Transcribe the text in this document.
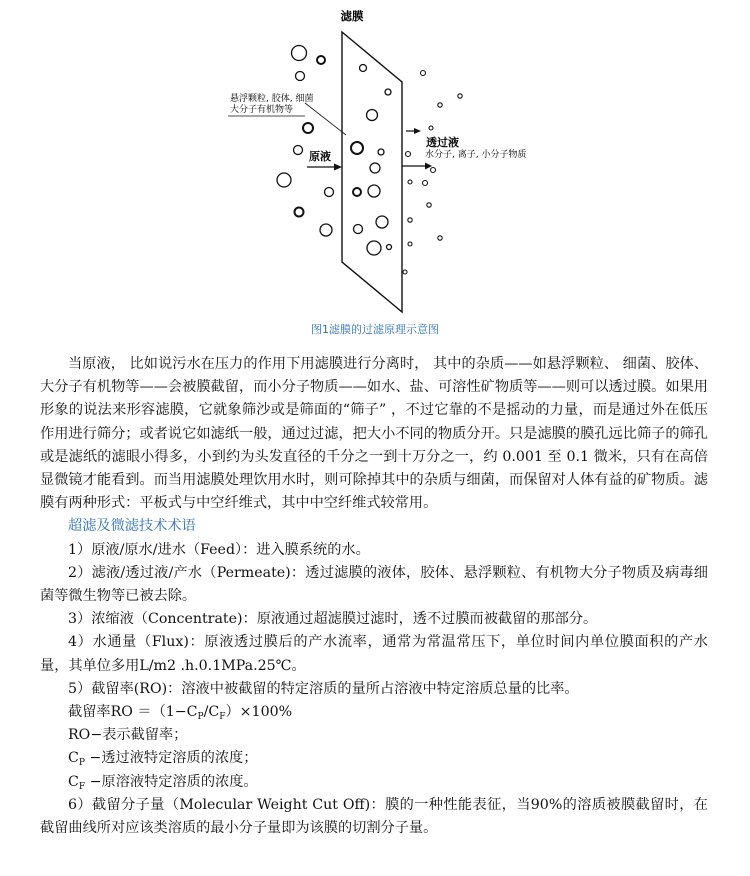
滤膜
悬浮颗粒, 胶体, 细菌
大分子有机物等
原液
透过液
水分子, 离子, 小分子物质
图1滤膜的过滤原理示意图

当原液， 比如说污水在压力的作用下用滤膜进行分离时， 其中的杂质——如悬浮颗粒、 细菌、胶体、大分子有机物等——会被膜截留，而小分子物质——如水、盐、可溶性矿物质等——则可以透过膜。如果用形象的说法来形容滤膜，它就象筛沙或是筛面的“筛子” ，不过它靠的不是摇动的力量，而是通过外在低压作用进行筛分；或者说它如滤纸一般，通过过滤，把大小不同的物质分开。只是滤膜的膜孔远比筛子的筛孔或是滤纸的滤眼小得多，小到约为头发直径的千分之一到十万分之一，约 0.001 至 0.1 微米，只有在高倍显微镜才能看到。而当用滤膜处理饮用水时，则可除掉其中的杂质与细菌，而保留对人体有益的矿物质。滤膜有两种形式：平板式与中空纤维式，其中中空纤维式较常用。

超滤及微滤技术术语

1）原液/原水/进水（Feed）：进入膜系统的水。

2）滤液/透过液/产水（Permeate)：透过滤膜的液体，胶体、悬浮颗粒、有机物大分子物质及病毒细菌等微生物等已被去除。

3）浓缩液（Concentrate)：原液通过超滤膜过滤时，透不过膜而被截留的那部分。

4）水通量（Flux)：原液透过膜后的产水流率，通常为常温常压下，单位时间内单位膜面积的产水量，其单位多用L/m2 .h.0.1MPa.25℃。

5）截留率(RO)：溶液中被截留的特定溶质的量所占溶液中特定溶质总量的比率。

截留率RO $=(1-C_P/C_F)\times 100\%$

RO−表示截留率；

$C_P$ −透过液特定溶质的浓度；

$C_F$ −原溶液特定溶质的浓度。

6）截留分子量（Molecular Weight Cut Off)：膜的一种性能表征，当90%的溶质被膜截留时，在截留曲线所对应该类溶质的最小分子量即为该膜的切割分子量。
